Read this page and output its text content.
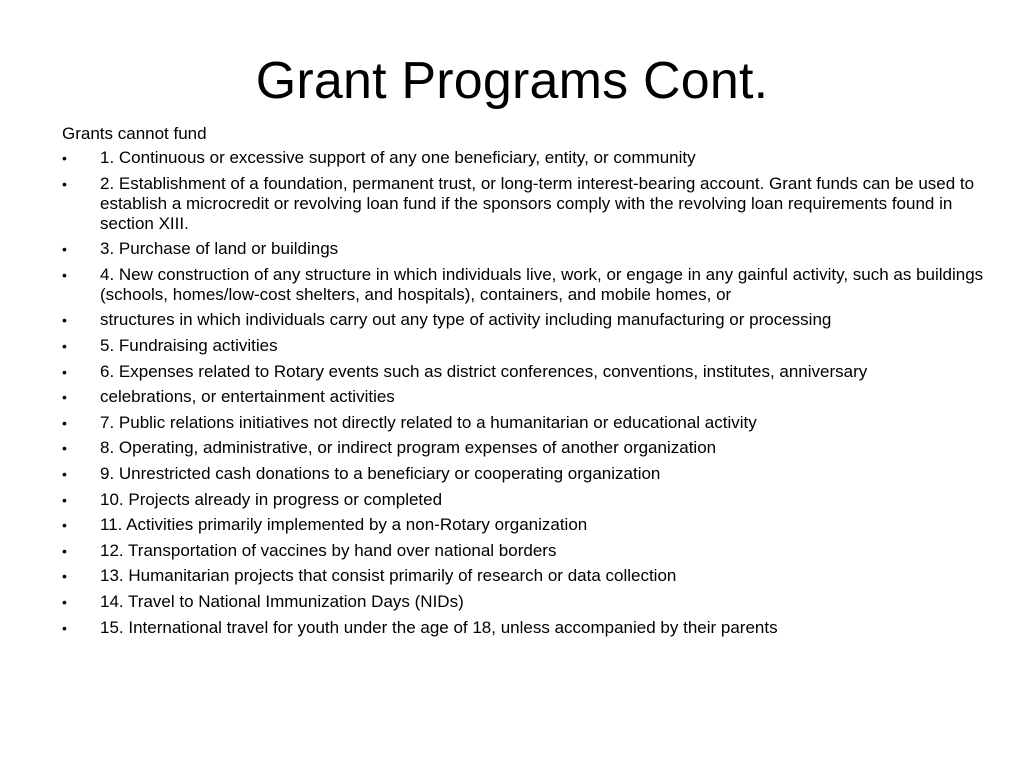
Grant Programs Cont.

Grants cannot fund

•	1. Continuous or excessive support of any one beneficiary, entity, or community
•	2. Establishment of a foundation, permanent trust, or long-term interest-bearing account. Grant funds can be used to establish a microcredit or revolving loan fund if the sponsors comply with the revolving loan requirements found in section XIII.
•	3. Purchase of land or buildings
•	4. New construction of any structure in which individuals live, work, or engage in any gainful activity, such as buildings (schools, homes/low-cost shelters, and hospitals), containers, and mobile homes, or
•	structures in which individuals carry out any type of activity including manufacturing or processing
•	5. Fundraising activities
•	6. Expenses related to Rotary events such as district conferences, conventions, institutes, anniversary
•	celebrations, or entertainment activities
•	7. Public relations initiatives not directly related to a humanitarian or educational activity
•	8. Operating, administrative, or indirect program expenses of another organization
•	9. Unrestricted cash donations to a beneficiary or cooperating organization
•	10. Projects already in progress or completed
•	11. Activities primarily implemented by a non-Rotary organization
•	12. Transportation of vaccines by hand over national borders
•	13. Humanitarian projects that consist primarily of research or data collection
•	14. Travel to National Immunization Days (NIDs)
•	15. International travel for youth under the age of 18, unless accompanied by their parents
